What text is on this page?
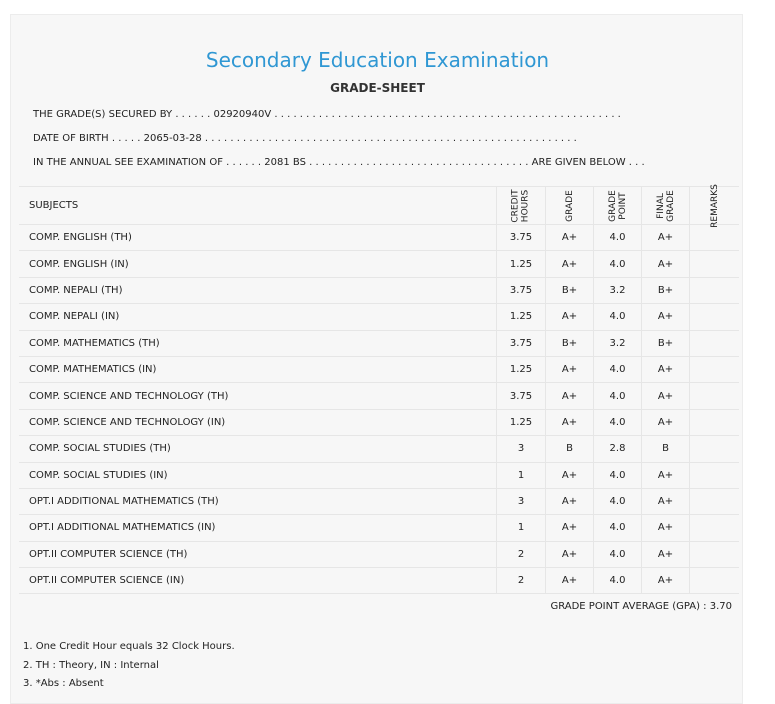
Secondary Education Examination
GRADE-SHEET
THE GRADE(S) SECURED BY . . . . . . 02920940V . . . . . . . . . . . . . . . . . . . . . . . . . . . . . . . . . . . . . . . . . . . . . . . . . . . . . . .
DATE OF BIRTH . . . . . 2065-03-28 . . . . . . . . . . . . . . . . . . . . . . . . . . . . . . . . . . . . . . . . . . . . . . . . . . . . . . . . . . .
IN THE ANNUAL SEE EXAMINATION OF . . . . . . 2081 BS . . . . . . . . . . . . . . . . . . . . . . . . . . . . . . . . . . . ARE GIVEN BELOW . . .
SUBJECTS	CREDIT HOURS	GRADE	GRADE POINT	FINAL GRADE	REMARKS

COMP. ENGLISH (TH)	3.75	A+	4.0	A+	
COMP. ENGLISH (IN)	1.25	A+	4.0	A+	
COMP. NEPALI (TH)	3.75	B+	3.2	B+	
COMP. NEPALI (IN)	1.25	A+	4.0	A+	
COMP. MATHEMATICS (TH)	3.75	B+	3.2	B+	
COMP. MATHEMATICS (IN)	1.25	A+	4.0	A+	
COMP. SCIENCE AND TECHNOLOGY (TH)	3.75	A+	4.0	A+	
COMP. SCIENCE AND TECHNOLOGY (IN)	1.25	A+	4.0	A+	
COMP. SOCIAL STUDIES (TH)	3	B	2.8	B	
COMP. SOCIAL STUDIES (IN)	1	A+	4.0	A+	
OPT.I ADDITIONAL MATHEMATICS (TH)	3	A+	4.0	A+	
OPT.I ADDITIONAL MATHEMATICS (IN)	1	A+	4.0	A+	
OPT.II COMPUTER SCIENCE (TH)	2	A+	4.0	A+	
OPT.II COMPUTER SCIENCE (IN)	2	A+	4.0	A+	
GRADE POINT AVERAGE (GPA) : 3.70
1. One Credit Hour equals 32 Clock Hours.
2. TH : Theory, IN : Internal
3. *Abs : Absent
